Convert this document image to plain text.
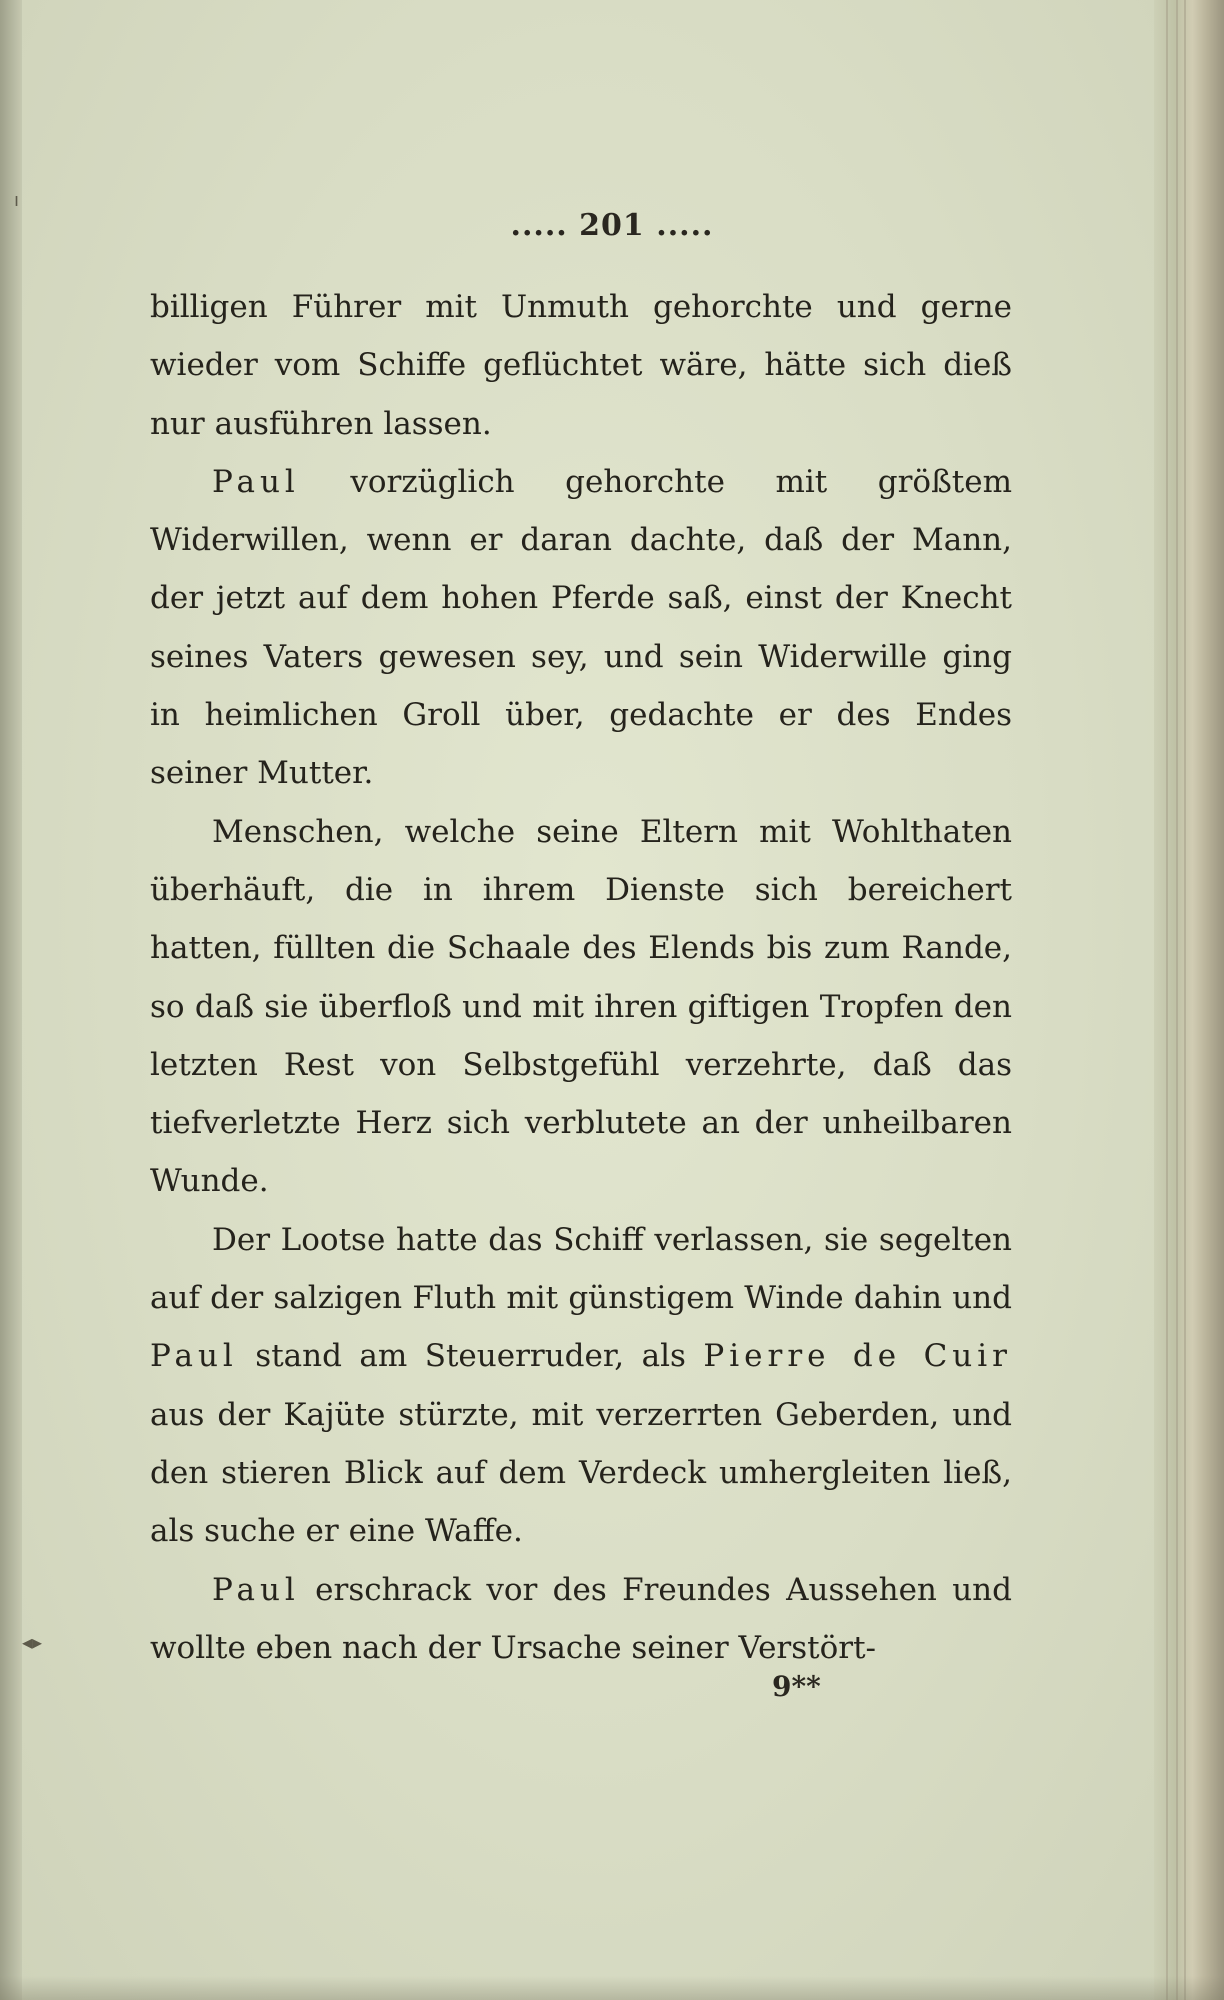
ı
◂▸
..... 201 .....

billigen Führer mit Unmuth gehorchte und gerne wieder vom Schiffe geflüchtet wäre, hätte sich dieß nur ausführen lassen.

Paul vorzüglich gehorchte mit größtem Widerwillen, wenn er daran dachte, daß der Mann, der jetzt auf dem hohen Pferde saß, einst der Knecht seines Vaters gewesen sey, und sein Widerwille ging in heimlichen Groll über, gedachte er des Endes seiner Mutter.

Menschen, welche seine Eltern mit Wohlthaten überhäuft, die in ihrem Dienste sich bereichert hatten, füllten die Schaale des Elends bis zum Rande, so daß sie überfloß und mit ihren giftigen Tropfen den letzten Rest von Selbstgefühl verzehrte, daß das tiefverletzte Herz sich verblutete an der unheilbaren Wunde.

Der Lootse hatte das Schiff verlassen, sie segelten auf der salzigen Fluth mit günstigem Winde dahin und Paul stand am Steuerruder, als Pierre de Cuir aus der Kajüte stürzte, mit verzerrten Geberden, und den stieren Blick auf dem Verdeck umhergleiten ließ, als suche er eine Waffe.

Paul erschrack vor des Freundes Aussehen und wollte eben nach der Ursache seiner Verstört-

9**
